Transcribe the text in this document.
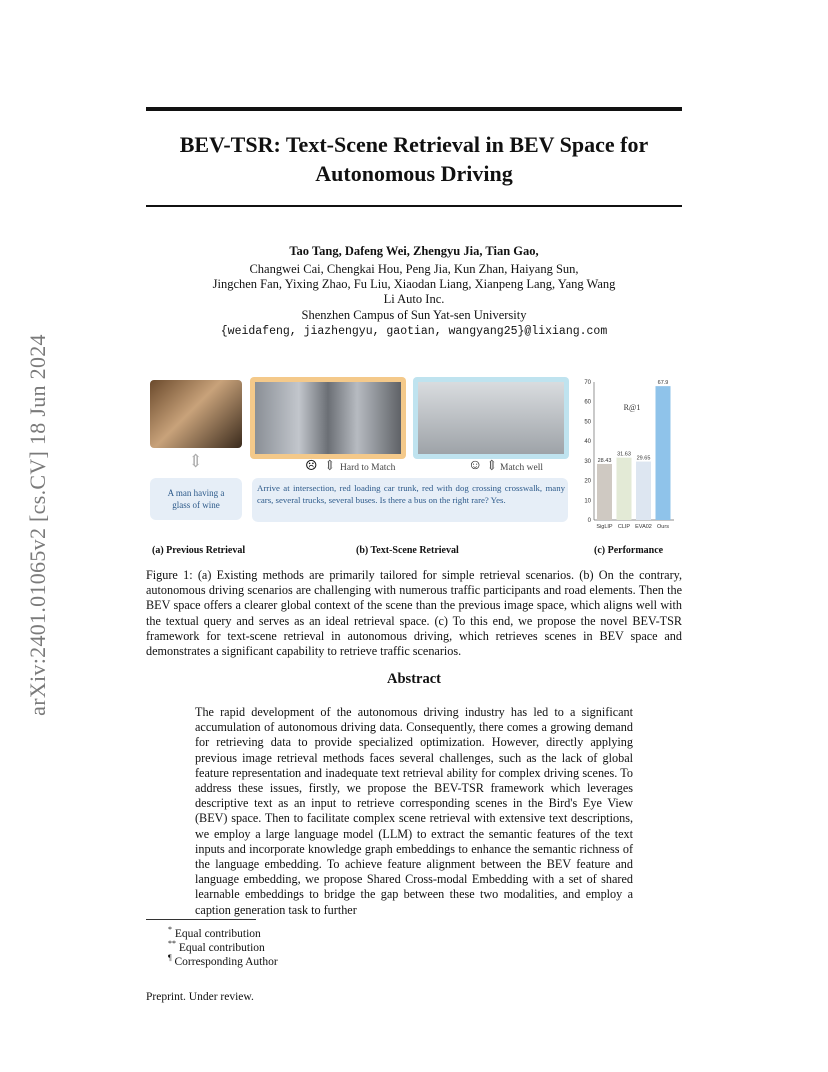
arXiv:2401.01065v2 [cs.CV] 18 Jun 2024
BEV-TSR: Text-Scene Retrieval in BEV Space for
Autonomous Driving
Tao Tang, Dafeng Wei, Zhengyu Jia, Tian Gao,
Changwei Cai, Chengkai Hou, Peng Jia, Kun Zhan, Haiyang Sun,
Jingchen Fan, Yixing Zhao, Fu Liu, Xiaodan Liang, Xianpeng Lang, Yang Wang
Li Auto Inc.
Shenzhen Campus of Sun Yat-sen University
{weidafeng, jiazhengyu, gaotian, wangyang25}@lixiang.com
⇕
A man having a glass of wine
☹ ⇕ Hard to Match	☺ ⇕ Match well
Arrive at intersection, red loading car trunk, red with dog crossing crosswalk, many cars, several trucks, several buses. Is there a bus on the right rare? Yes.
0
10
20
30
40
50
60
70
R@1
28.43
SigLIP
31.63
CLIP
29.65
EVA02
67.9
Ours
(a) Previous Retrieval	(b) Text-Scene Retrieval	(c) Performance
Figure 1: (a) Existing methods are primarily tailored for simple retrieval scenarios. (b) On the contrary, autonomous driving scenarios are challenging with numerous traffic participants and road elements. Then the BEV space offers a clearer global context of the scene than the previous image space, which aligns well with the textual query and serves as an ideal retrieval space. (c) To this end, we propose the novel BEV-TSR framework for text-scene retrieval in autonomous driving, which retrieves scenes in BEV space and demonstrates a significant capability to retrieve traffic scenarios.
Abstract
The rapid development of the autonomous driving industry has led to a significant accumulation of autonomous driving data. Consequently, there comes a growing demand for retrieving data to provide specialized optimization. However, directly applying previous image retrieval methods faces several challenges, such as the lack of global feature representation and inadequate text retrieval ability for complex driving scenes. To address these issues, firstly, we propose the BEV-TSR framework which leverages descriptive text as an input to retrieve corresponding scenes in the Bird's Eye View (BEV) space. Then to facilitate complex scene retrieval with extensive text descriptions, we employ a large language model (LLM) to extract the semantic features of the text inputs and incorporate knowledge graph embeddings to enhance the semantic richness of the language embedding. To achieve feature alignment between the BEV feature and language embedding, we propose Shared Cross-modal Embedding with a set of shared learnable embeddings to bridge the gap between these two modalities, and employ a caption generation task to further
* Equal contribution
** Equal contribution
¶ Corresponding Author
Preprint. Under review.
